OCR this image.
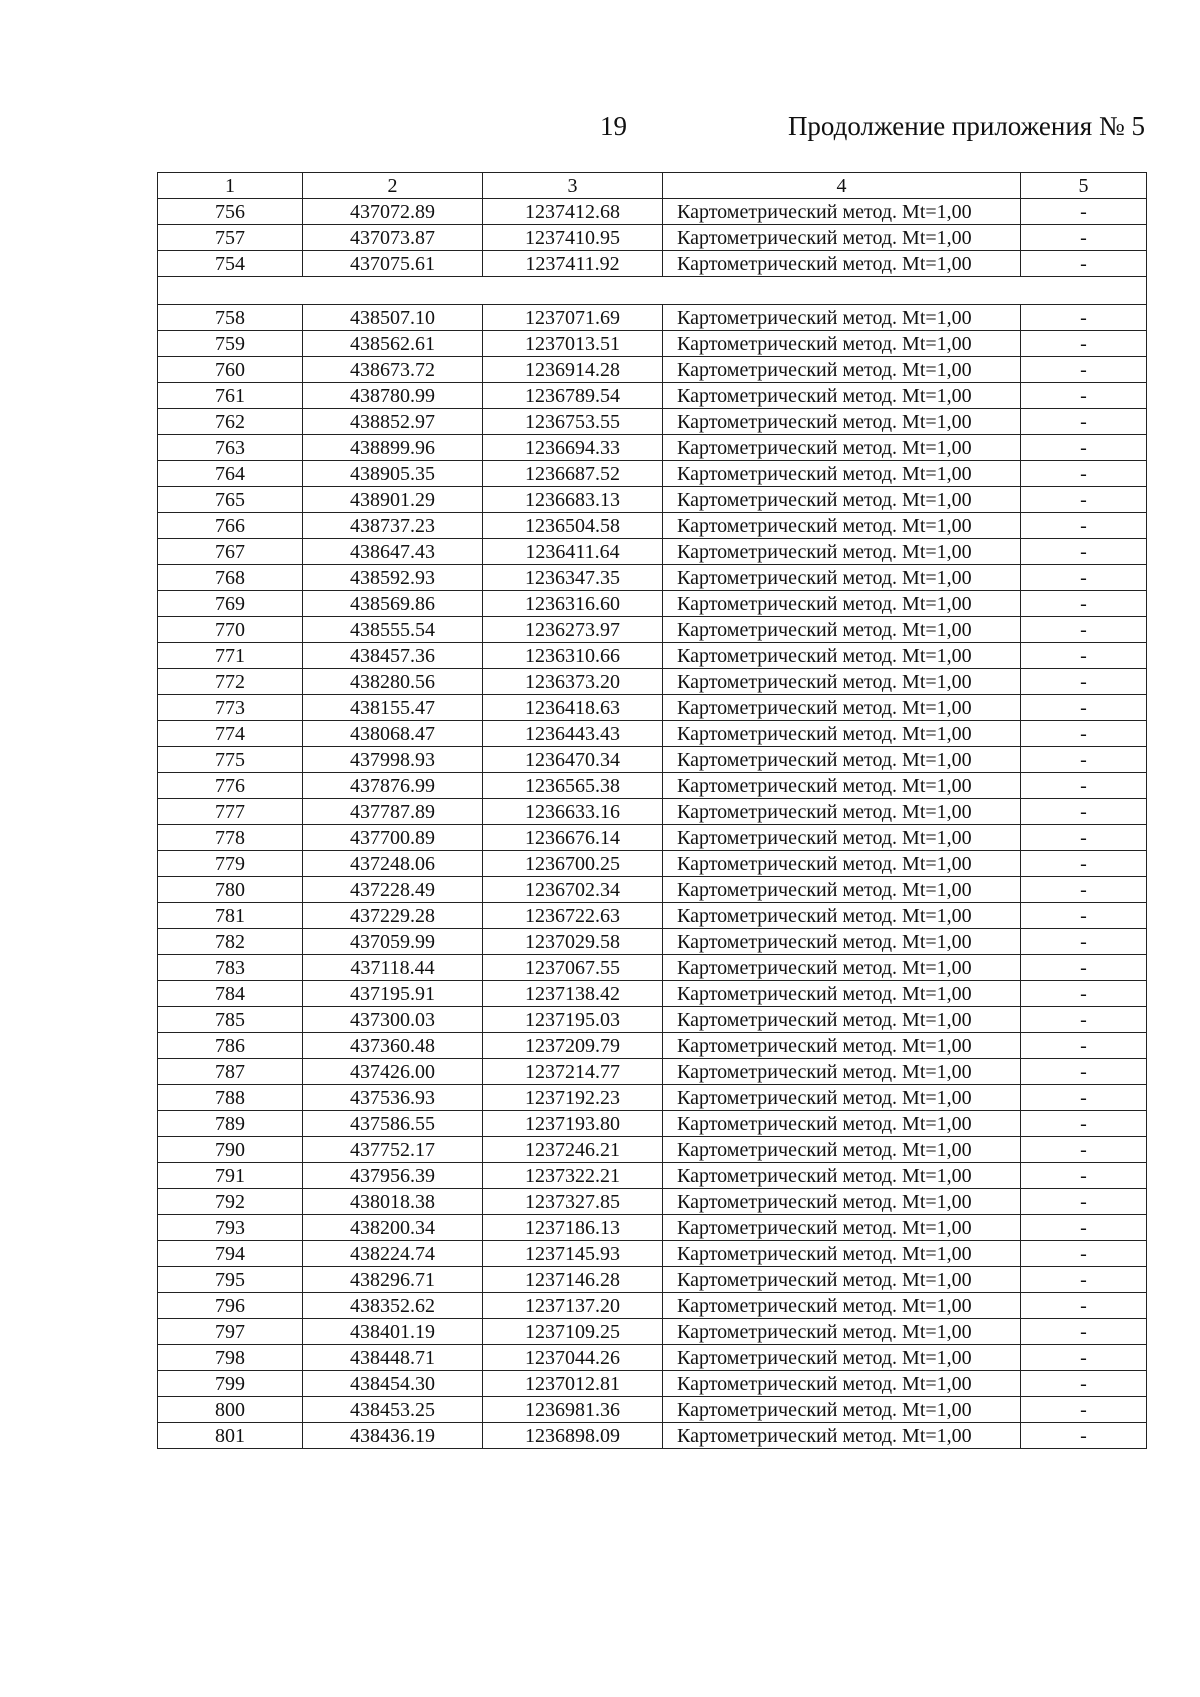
19	Продолжение приложения № 5
1	2	3	4	5
756	437072.89	1237412.68	Картометрический метод. Mt=1,00	-
757	437073.87	1237410.95	Картометрический метод. Mt=1,00	-
754	437075.61	1237411.92	Картометрический метод. Mt=1,00	-

758	438507.10	1237071.69	Картометрический метод. Mt=1,00	-
759	438562.61	1237013.51	Картометрический метод. Mt=1,00	-
760	438673.72	1236914.28	Картометрический метод. Mt=1,00	-
761	438780.99	1236789.54	Картометрический метод. Mt=1,00	-
762	438852.97	1236753.55	Картометрический метод. Mt=1,00	-
763	438899.96	1236694.33	Картометрический метод. Mt=1,00	-
764	438905.35	1236687.52	Картометрический метод. Mt=1,00	-
765	438901.29	1236683.13	Картометрический метод. Mt=1,00	-
766	438737.23	1236504.58	Картометрический метод. Mt=1,00	-
767	438647.43	1236411.64	Картометрический метод. Mt=1,00	-
768	438592.93	1236347.35	Картометрический метод. Mt=1,00	-
769	438569.86	1236316.60	Картометрический метод. Mt=1,00	-
770	438555.54	1236273.97	Картометрический метод. Mt=1,00	-
771	438457.36	1236310.66	Картометрический метод. Mt=1,00	-
772	438280.56	1236373.20	Картометрический метод. Mt=1,00	-
773	438155.47	1236418.63	Картометрический метод. Mt=1,00	-
774	438068.47	1236443.43	Картометрический метод. Mt=1,00	-
775	437998.93	1236470.34	Картометрический метод. Mt=1,00	-
776	437876.99	1236565.38	Картометрический метод. Mt=1,00	-
777	437787.89	1236633.16	Картометрический метод. Mt=1,00	-
778	437700.89	1236676.14	Картометрический метод. Mt=1,00	-
779	437248.06	1236700.25	Картометрический метод. Mt=1,00	-
780	437228.49	1236702.34	Картометрический метод. Mt=1,00	-
781	437229.28	1236722.63	Картометрический метод. Mt=1,00	-
782	437059.99	1237029.58	Картометрический метод. Mt=1,00	-
783	437118.44	1237067.55	Картометрический метод. Mt=1,00	-
784	437195.91	1237138.42	Картометрический метод. Mt=1,00	-
785	437300.03	1237195.03	Картометрический метод. Mt=1,00	-
786	437360.48	1237209.79	Картометрический метод. Mt=1,00	-
787	437426.00	1237214.77	Картометрический метод. Mt=1,00	-
788	437536.93	1237192.23	Картометрический метод. Mt=1,00	-
789	437586.55	1237193.80	Картометрический метод. Mt=1,00	-
790	437752.17	1237246.21	Картометрический метод. Mt=1,00	-
791	437956.39	1237322.21	Картометрический метод. Mt=1,00	-
792	438018.38	1237327.85	Картометрический метод. Mt=1,00	-
793	438200.34	1237186.13	Картометрический метод. Mt=1,00	-
794	438224.74	1237145.93	Картометрический метод. Mt=1,00	-
795	438296.71	1237146.28	Картометрический метод. Mt=1,00	-
796	438352.62	1237137.20	Картометрический метод. Mt=1,00	-
797	438401.19	1237109.25	Картометрический метод. Mt=1,00	-
798	438448.71	1237044.26	Картометрический метод. Mt=1,00	-
799	438454.30	1237012.81	Картометрический метод. Mt=1,00	-
800	438453.25	1236981.36	Картометрический метод. Mt=1,00	-
801	438436.19	1236898.09	Картометрический метод. Mt=1,00	-
